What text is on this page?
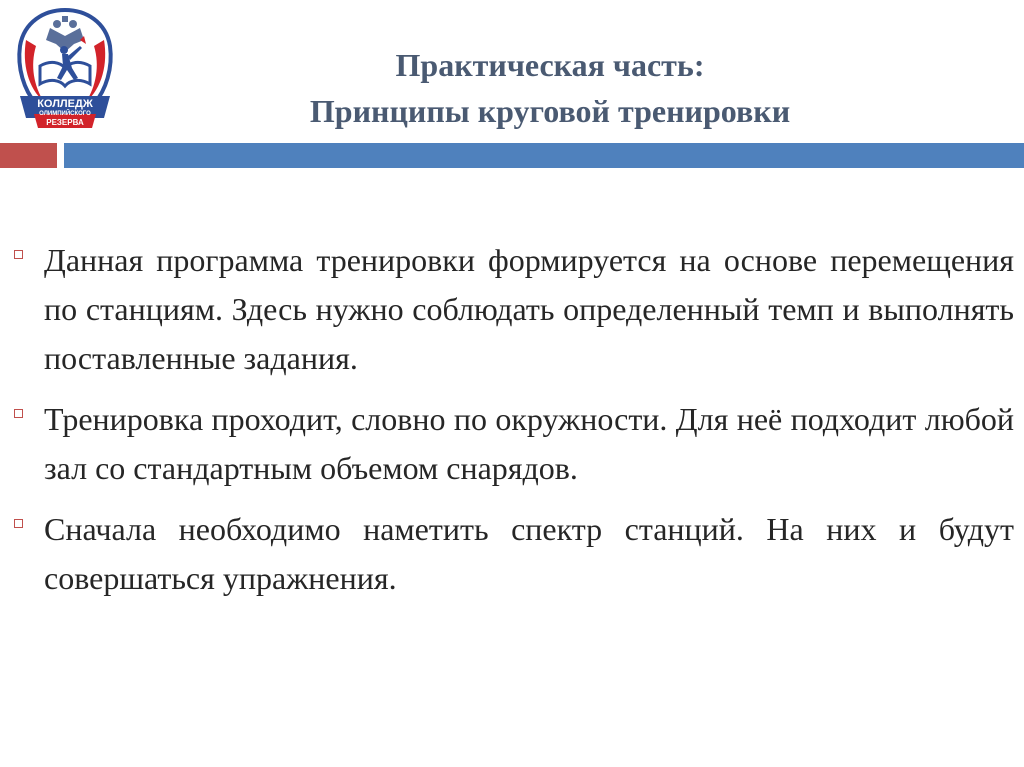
КОЛЛЕДЖ
ОЛИМПИЙСКОГО
РЕЗЕРВА
Практическая часть:
Принципы круговой тренировки
Данная программа тренировки формируется на основе перемещения по станциям. Здесь нужно соблюдать определенный темп и выполнять поставленные задания.
Тренировка проходит, словно по окружности. Для неё подходит любой зал со стандартным объемом снарядов.
Сначала необходимо наметить спектр станций. На них и будут совершаться упражнения.
